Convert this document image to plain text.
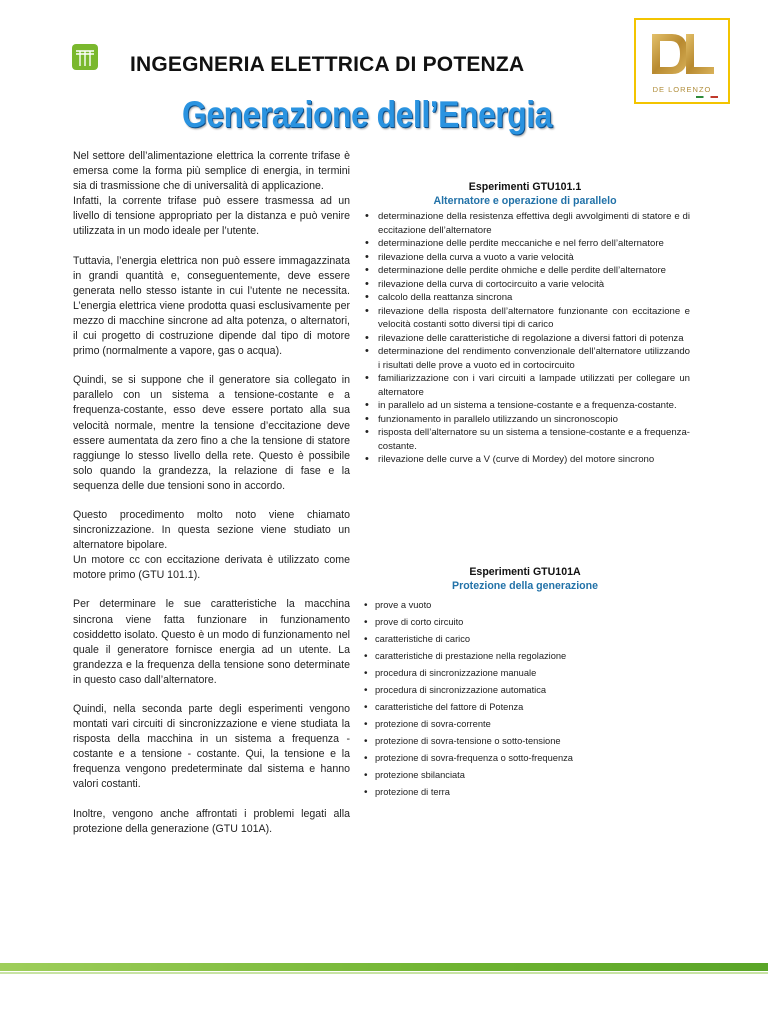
INGEGNERIA ELETTRICA DI POTENZA
DE LORENZO
Generazione dell’Energia

Nel settore dell’alimentazione elettrica la corrente trifase è emersa come la forma più semplice di energia, in termini sia di trasmissione che di universalità di applicazione.

Infatti, la corrente trifase può essere trasmessa ad un livello di tensione appropriato per la distanza e può venire utilizzata in un modo ideale per l’utente.

Tuttavia, l’energia elettrica non può essere immagazzinata in grandi quantità e, conseguentemente, deve essere generata nello stesso istante in cui l’utente ne necessita. L’energia elettrica viene prodotta quasi esclusivamente per mezzo di macchine sincrone ad alta potenza, o alternatori, il cui progetto di costruzione dipende dal tipo di motore primo (normalmente a vapore, gas o acqua).

Quindi, se si suppone che il generatore sia collegato in parallelo con un sistema a tensione-costante e a frequenza-costante, esso deve essere portato alla sua velocità normale, mentre la tensione d’eccitazione deve essere aumentata da zero fino a che la tensione di statore raggiunge lo stesso livello della rete. Questo è possibile solo quando la grandezza, la relazione di fase e la sequenza delle due tensioni sono in accordo.

Questo procedimento molto noto viene chiamato sincronizzazione. In questa sezione viene studiato un alternatore bipolare.

Un motore cc con eccitazione derivata è utilizzato come motore primo (GTU 101.1).

Per determinare le sue caratteristiche la macchina sincrona viene fatta funzionare in funzionamento cosiddetto isolato. Questo è un modo di funzionamento nel quale il generatore fornisce energia ad un utente. La grandezza e la frequenza della tensione sono determinate in questo caso dall’alternatore.

Quindi, nella seconda parte degli esperimenti vengono montati vari circuiti di sincronizzazione e viene studiata la risposta della macchina in un sistema a frequenza - costante e a tensione - costante. Qui, la tensione e la frequenza vengono predeterminate dal sistema e hanno valori costanti.

Inoltre, vengono anche affrontati i problemi legati alla protezione della generazione (GTU 101A).

Esperimenti GTU101.1
Alternatore e operazione di parallelo
• determinazione della resistenza effettiva degli avvolgimenti di statore e di eccitazione dell’alternatore
• determinazione delle perdite meccaniche e nel ferro dell’alternatore
• rilevazione della curva a vuoto a varie velocità
• determinazione delle perdite ohmiche e delle perdite dell’alternatore
• rilevazione della curva di cortocircuito a varie velocità
• calcolo della reattanza sincrona
• rilevazione della risposta dell’alternatore funzionante con eccitazione e velocità costanti sotto diversi tipi di carico
• rilevazione delle caratteristiche di regolazione a diversi fattori di potenza
• determinazione del rendimento convenzionale dell’alternatore utilizzando i risultati delle prove a vuoto ed in cortocircuito
• familiarizzazione con i vari circuiti a lampade utilizzati per collegare un alternatore
• in parallelo ad un sistema a tensione-costante e a frequenza-costante.
• funzionamento in parallelo utilizzando un sincronoscopio
• risposta dell’alternatore su un sistema a tensione-costante e a frequenza-costante.
• rilevazione delle curve a V (curve di Mordey) del motore sincrono
Esperimenti GTU101A
Protezione della generazione
• prove a vuoto
• prove di corto circuito
• caratteristiche di carico
• caratteristiche di prestazione nella regolazione
• procedura di sincronizzazione manuale
• procedura di sincronizzazione automatica
• caratteristiche del fattore di Potenza
• protezione di sovra-corrente
• protezione di sovra-tensione o sotto-tensione
• protezione di sovra-frequenza o sotto-frequenza
• protezione sbilanciata
• protezione di terra
